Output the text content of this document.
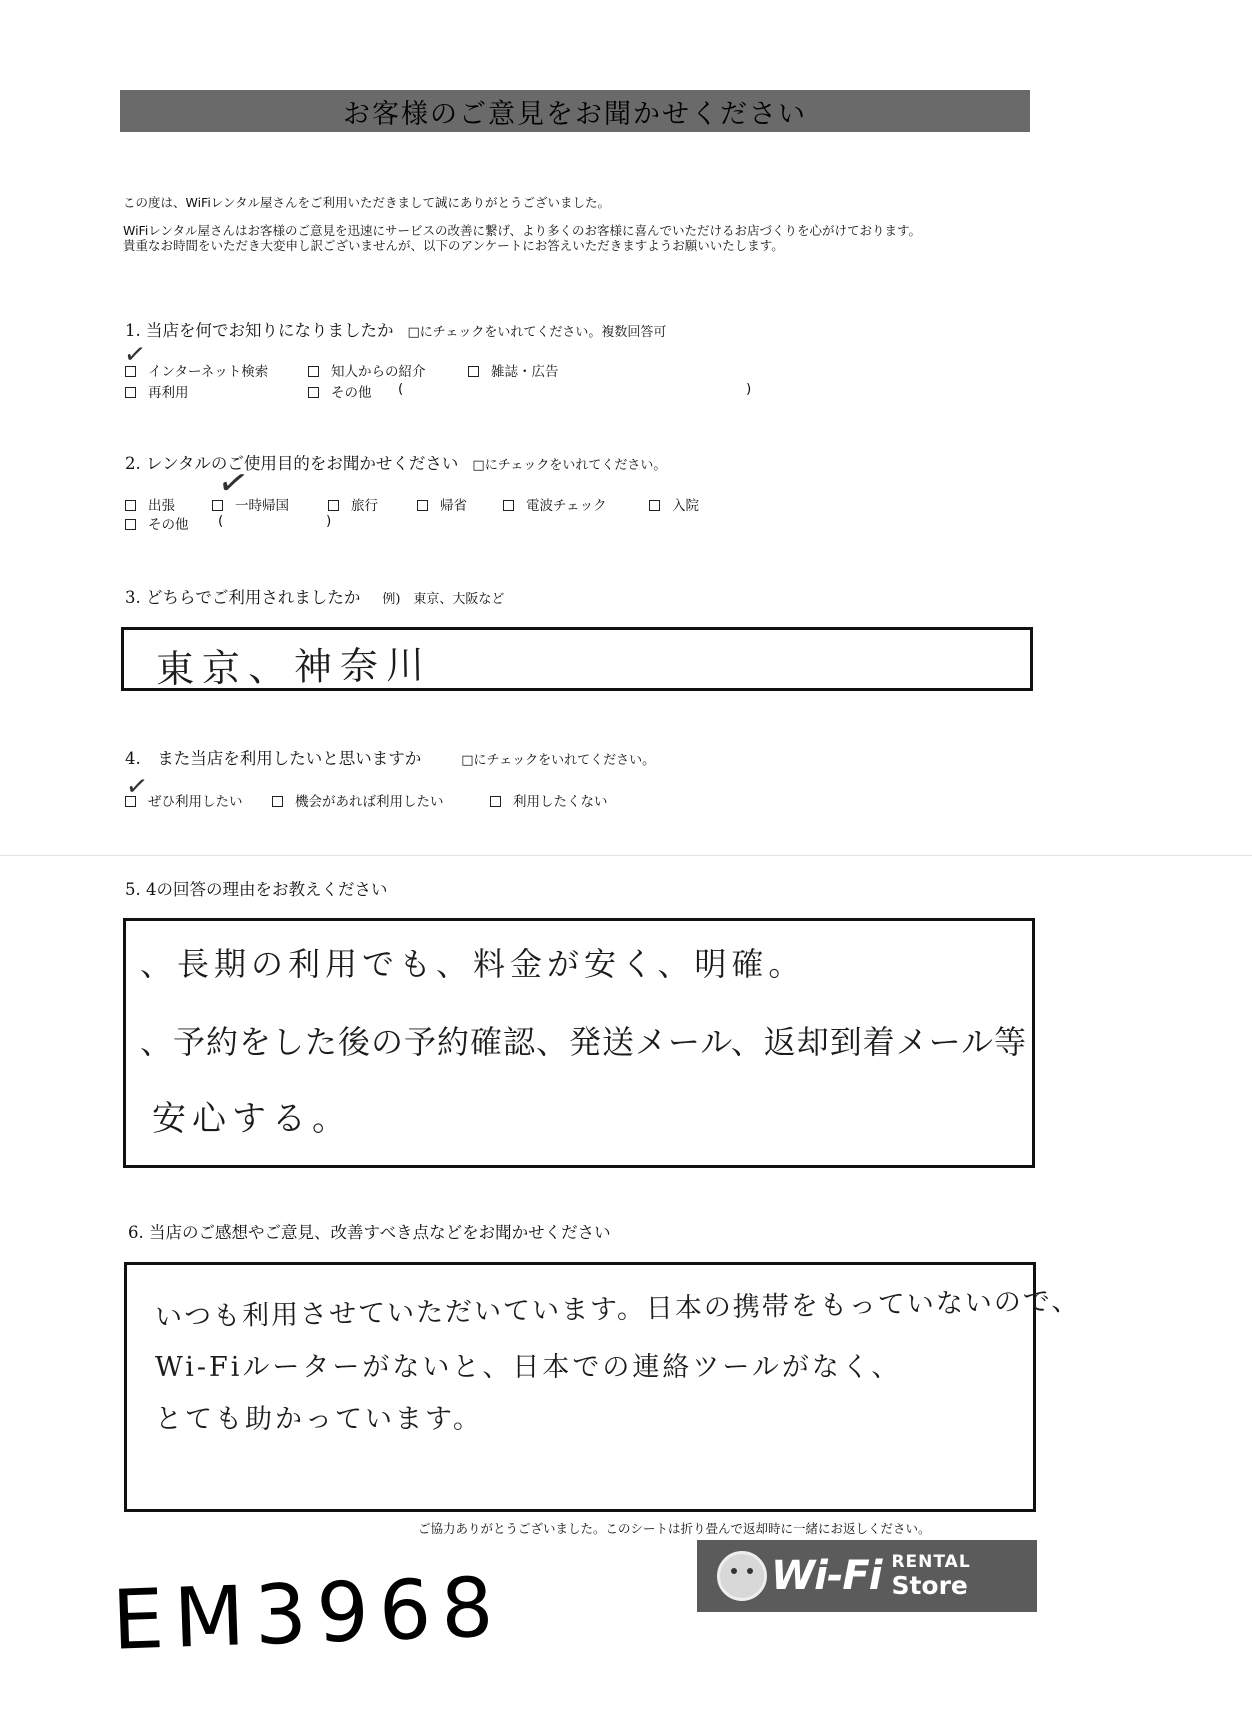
お客様のご意見をお聞かせください
この度は、WiFiレンタル屋さんをご利用いただきまして誠にありがとうございました。
WiFiレンタル屋さんはお客様のご意見を迅速にサービスの改善に繋げ、より多くのお客様に喜んでいただけるお店づくりを心がけております。
貴重なお時間をいただき大変申し訳ございませんが、以下のアンケートにお答えいただきますようお願いいたします。
1. 当店を何でお知りになりましたか □にチェックをいれてください。複数回答可
インターネット検索
✓
知人からの紹介	雑誌・広告
再利用	その他 (	)
2. レンタルのご使用目的をお聞かせください □にチェックをいれてください。
出張	一時帰国
✓	旅行	帰省	電波チェック	入院
その他 (	)
3. どちらでご利用されましたか 例)　東京、大阪など
東京、神奈川
4.　また当店を利用したいと思いますか	□にチェックをいれてください。
ぜひ利用したい
✓	機会があれば利用したい	利用したくない
5. 4の回答の理由をお教えください
、長期の利用でも、料金が安く、明確。
、予約をした後の予約確認、発送メール、返却到着メール等
安心する。
6. 当店のご感想やご意見、改善すべき点などをお聞かせください
いつも利用させていただいています。日本の携帯をもっていないので、
Wi-Fiルーターがないと、日本での連絡ツールがなく、
とても助かっています。
ご協力ありがとうございました。このシートは折り畳んで返却時に一緒にお返しください。
Wi-Fi RENTAL
Store
EM3968
